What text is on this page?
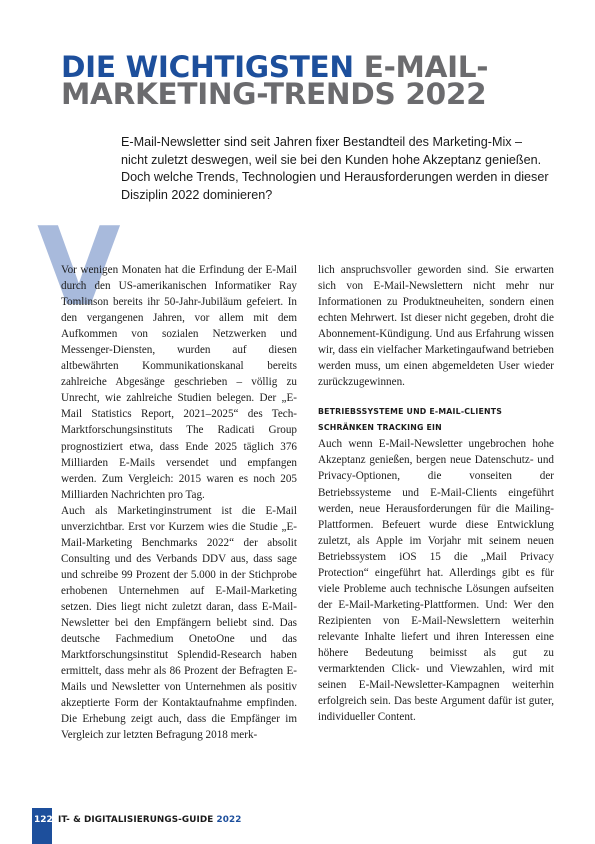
DIE WICHTIGSTEN E-MAIL-MARKETING-TRENDS 2022

E-Mail-Newsletter sind seit Jahren fixer Bestandteil des Marketing-Mix – nicht zuletzt deswegen, weil sie bei den Kunden hohe Akzeptanz genießen. Doch welche Trends, Technologien und Herausforderungen werden in dieser Disziplin 2022 dominieren?

V

Vor wenigen Monaten hat die Erfindung der E-Mail durch den US-amerikanischen Informatiker Ray Tomlinson bereits ihr 50-Jahr-Jubiläum gefeiert. In den vergangenen Jahren, vor allem mit dem Aufkommen von sozialen Netzwerken und Messenger-Diensten, wurden auf diesen altbewährten Kommunikationskanal bereits zahlreiche Abgesänge geschrieben – völlig zu Unrecht, wie zahlreiche Studien belegen. Der „E-Mail Statistics Report, 2021–2025“ des Tech-Marktforschungsinstituts The Radicati Group prognostiziert etwa, dass Ende 2025 täglich 376 Milliarden E-Mails versendet und empfangen werden. Zum Vergleich: 2015 waren es noch 205 Milliarden Nachrichten pro Tag.

Auch als Marketinginstrument ist die E-Mail unverzichtbar. Erst vor Kurzem wies die Studie „E-Mail-Marketing Benchmarks 2022“ der absolit Consulting und des Verbands DDV aus, dass sage und schreibe 99 Prozent der 5.000 in der Stichprobe erhobenen Unternehmen auf E-Mail-Marketing setzen. Dies liegt nicht zuletzt daran, dass E-Mail-Newsletter bei den Empfängern beliebt sind. Das deutsche Fachmedium OnetoOne und das Marktforschungsinstitut Splendid-Research haben ermittelt, dass mehr als 86 Prozent der Befragten E-Mails und Newsletter von Unternehmen als positiv akzeptierte Form der Kontaktaufnahme empfinden. Die Erhebung zeigt auch, dass die Empfänger im Vergleich zur letzten Befragung 2018 merk-

lich anspruchsvoller geworden sind. Sie erwarten sich von E-Mail-Newslettern nicht mehr nur Informationen zu Produktneuheiten, sondern einen echten Mehrwert. Ist dieser nicht gegeben, droht die Abonnement-Kündigung. Und aus Erfahrung wissen wir, dass ein vielfacher Marketingaufwand betrieben werden muss, um einen abgemeldeten User wieder zurückzugewinnen.

BETRIEBSSYSTEME UND E-MAIL-CLIENTS SCHRÄNKEN TRACKING EIN

Auch wenn E-Mail-Newsletter ungebrochen hohe Akzeptanz genießen, bergen neue Datenschutz- und Privacy-Optionen, die vonseiten der Betriebssysteme und E-Mail-Clients eingeführt werden, neue Herausforderungen für die Mailing-Plattformen. Befeuert wurde diese Entwicklung zuletzt, als Apple im Vorjahr mit seinem neuen Betriebssystem iOS 15 die „Mail Privacy Protection“ eingeführt hat. Allerdings gibt es für viele Probleme auch technische Lösungen aufseiten der E-Mail-Marketing-Plattformen. Und: Wer den Rezipienten von E-Mail-Newslettern weiterhin relevante Inhalte liefert und ihren Interessen eine höhere Bedeutung beimisst als gut zu vermarktenden Click- und Viewzahlen, wird mit seinen E-Mail-Newsletter-Kampagnen weiterhin erfolgreich sein. Das beste Argument dafür ist guter, individueller Content.

122 IT- & DIGITALISIERUNGS-GUIDE 2022
